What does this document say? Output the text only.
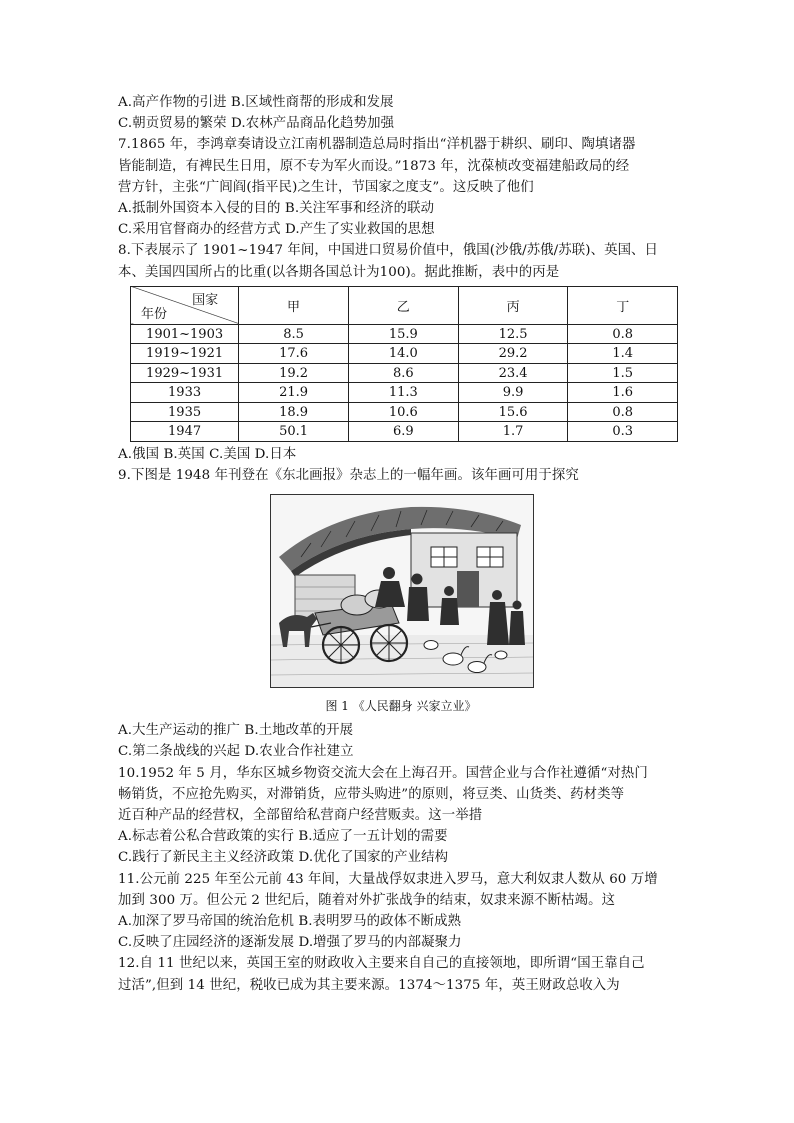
A.高产作物的引进 B.区域性商帮的形成和发展
C.朝贡贸易的繁荣 D.农林产品商品化趋势加强
7.1865 年，李鸿章奏请设立江南机器制造总局时指出“洋机器于耕织、刷印、陶填诸器
皆能制造，有裨民生日用，原不专为军火而设。”1873 年，沈葆桢改变福建船政局的经
营方针，主张“广闾阎(指平民)之生计，节国家之度支”。这反映了他们
A.抵制外国资本入侵的目的 B.关注军事和经济的联动
C.采用官督商办的经营方式 D.产生了实业救国的思想
8.下表展示了 1901~1947 年间，中国进口贸易价值中，俄国(沙俄/苏俄/苏联)、英国、日
本、美国四国所占的比重(以各期各国总计为100)。据此推断，表中的丙是
国家
年份	甲	乙	丙	丁
1901~1903	8.5	15.9	12.5	0.8
1919~1921	17.6	14.0	29.2	1.4
1929~1931	19.2	8.6	23.4	1.5
1933	21.9	11.3	9.9	1.6
1935	18.9	10.6	15.6	0.8
1947	50.1	6.9	1.7	0.3
A.俄国 B.英国 C.美国 D.日本
9.下图是 1948 年刊登在《东北画报》杂志上的一幅年画。该年画可用于探究
图 1 《人民翻身 兴家立业》
A.大生产运动的推广 B.土地改革的开展
C.第二条战线的兴起 D.农业合作社建立
10.1952 年 5 月，华东区城乡物资交流大会在上海召开。国营企业与合作社遵循“对热门
畅销货，不应抢先购买，对滞销货，应带头购进”的原则，将豆类、山货类、药材类等
近百种产品的经营权，全部留给私营商户经营贩卖。这一举措
A.标志着公私合营政策的实行 B.适应了一五计划的需要
C.践行了新民主主义经济政策 D.优化了国家的产业结构
11.公元前 225 年至公元前 43 年间，大量战俘奴隶进入罗马，意大利奴隶人数从 60 万增
加到 300 万。但公元 2 世纪后，随着对外扩张战争的结束，奴隶来源不断枯竭。这
A.加深了罗马帝国的统治危机 B.表明罗马的政体不断成熟
C.反映了庄园经济的逐渐发展 D.增强了罗马的内部凝聚力
12.自 11 世纪以来，英国王室的财政收入主要来自自己的直接领地，即所谓“国王靠自己
过活”,但到 14 世纪，税收已成为其主要来源。1374～1375 年，英王财政总收入为
